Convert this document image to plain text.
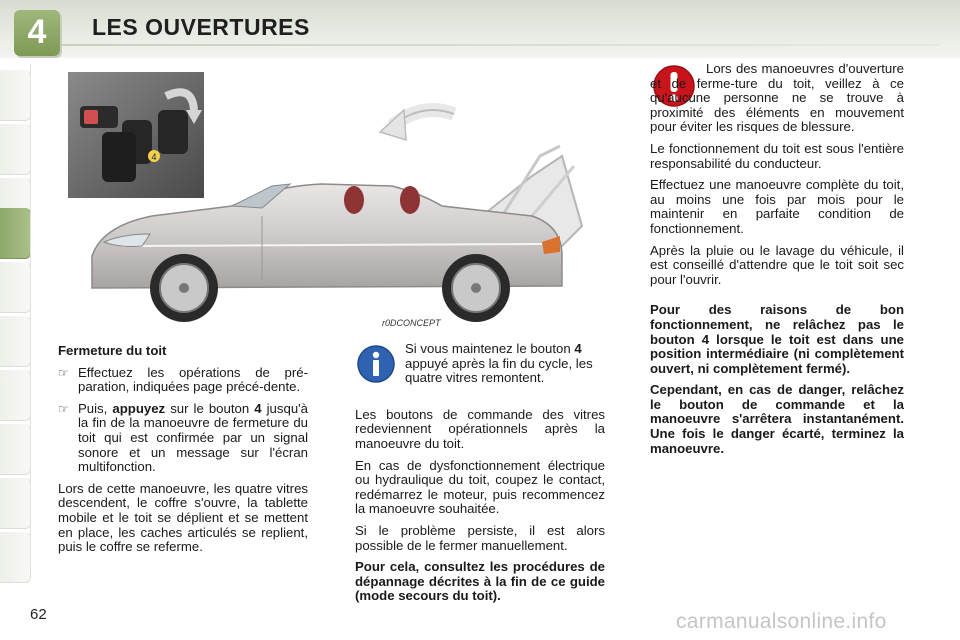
4	LES OUVERTURES
4
r0DCONCEPT

Fermeture du toit

☞ Effectuez les opérations de pré-paration, indiquées page précé-dente.
☞ Puis, appuyez sur le bouton 4 jusqu'à la fin de la manoeuvre de fermeture du toit qui est confirmée par un signal sonore et un message sur l'écran multifonction.

Lors de cette manoeuvre, les quatre vitres descendent, le coffre s'ouvre, la tablette mobile et le toit se déplient et se mettent en place, les caches articulés se replient, puis le coffre se referme.

Si vous maintenez le bouton 4 appuyé après la fin du cycle, les quatre vitres remontent.

Les boutons de commande des vitres redeviennent opérationnels après la manoeuvre du toit.

En cas de dysfonctionnement électrique ou hydraulique du toit, coupez le contact, redémarrez le moteur, puis recommencez la manoeuvre souhaitée.

Si le problème persiste, il est alors possible de le fermer manuellement.

Pour cela, consultez les procédures de dépannage décrites à la fin de ce guide (mode secours du toit).

Lors des manoeuvres d'ouverture et de ferme-ture du toit, veillez à ce qu'aucune personne ne se trouve à proximité des éléments en mouvement pour éviter les risques de blessure.

Le fonctionnement du toit est sous l'entière responsabilité du conducteur.

Effectuez une manoeuvre complète du toit, au moins une fois par mois pour le maintenir en parfaite condition de fonctionnement.

Après la pluie ou le lavage du véhicule, il est conseillé d'attendre que le toit soit sec pour l'ouvrir.

Pour des raisons de bon fonctionnement, ne relâchez pas le bouton 4 lorsque le toit est dans une position intermédiaire (ni complètement ouvert, ni complètement fermé).

Cependant, en cas de danger, relâchez le bouton de commande et la manoeuvre s'arrêtera instantanément. Une fois le danger écarté, terminez la manoeuvre.

62	carmanualsonline.info
